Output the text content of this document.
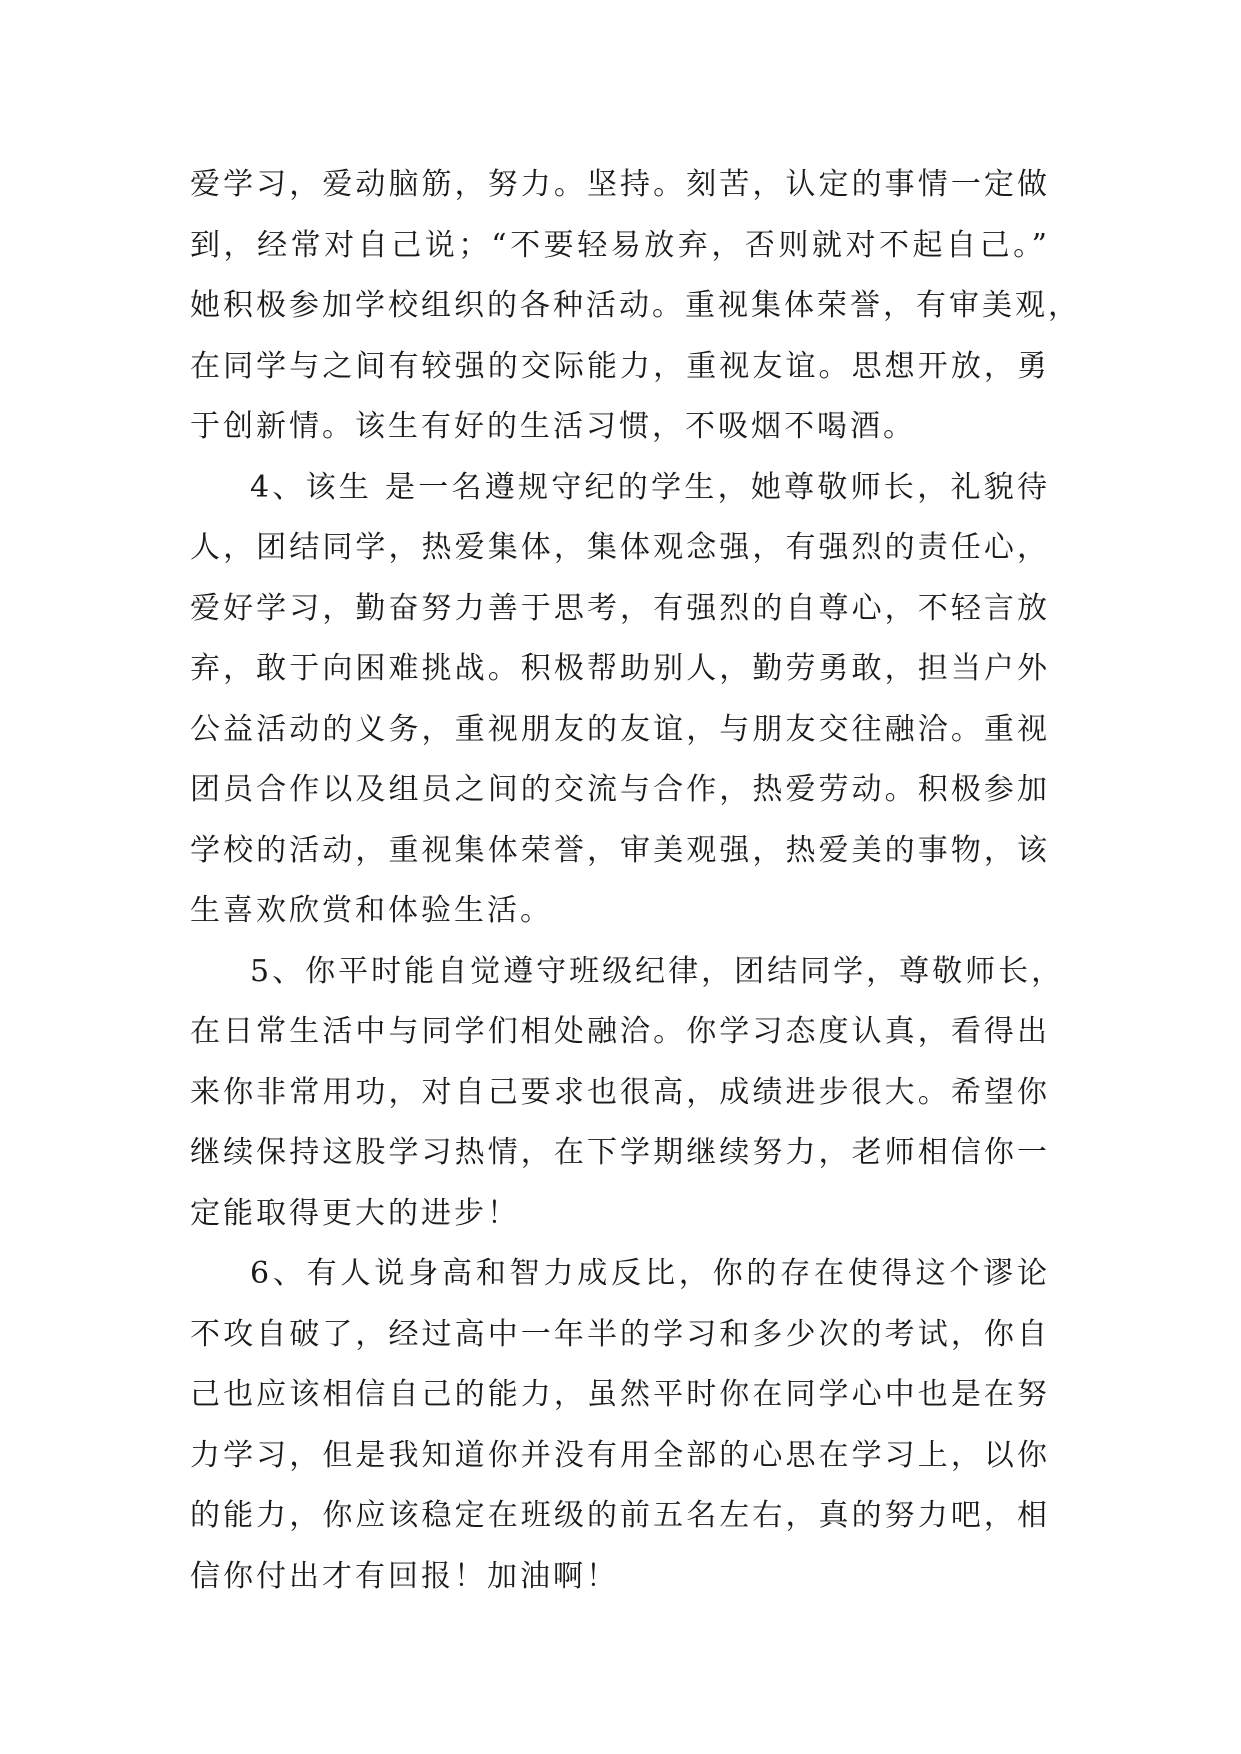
爱学习，爱动脑筋，努力。坚持。刻苦，认定的事情一定做
到，经常对自己说；“不要轻易放弃，否则就对不起自己。”
她积极参加学校组织的各种活动。重视集体荣誉，有审美观，
在同学与之间有较强的交际能力，重视友谊。思想开放，勇
于创新情。该生有好的生活习惯，不吸烟不喝酒。
4、该生 是一名遵规守纪的学生，她尊敬师长，礼貌待
人，团结同学，热爱集体，集体观念强，有强烈的责任心，
爱好学习，勤奋努力善于思考，有强烈的自尊心，不轻言放
弃，敢于向困难挑战。积极帮助别人，勤劳勇敢，担当户外
公益活动的义务，重视朋友的友谊，与朋友交往融洽。重视
团员合作以及组员之间的交流与合作，热爱劳动。积极参加
学校的活动，重视集体荣誉，审美观强，热爱美的事物，该
生喜欢欣赏和体验生活。
5、你平时能自觉遵守班级纪律，团结同学，尊敬师长，
在日常生活中与同学们相处融洽。你学习态度认真，看得出
来你非常用功，对自己要求也很高，成绩进步很大。希望你
继续保持这股学习热情，在下学期继续努力，老师相信你一
定能取得更大的进步！
6、有人说身高和智力成反比，你的存在使得这个谬论
不攻自破了，经过高中一年半的学习和多少次的考试，你自
己也应该相信自己的能力，虽然平时你在同学心中也是在努
力学习，但是我知道你并没有用全部的心思在学习上，以你
的能力，你应该稳定在班级的前五名左右，真的努力吧，相
信你付出才有回报！加油啊！
